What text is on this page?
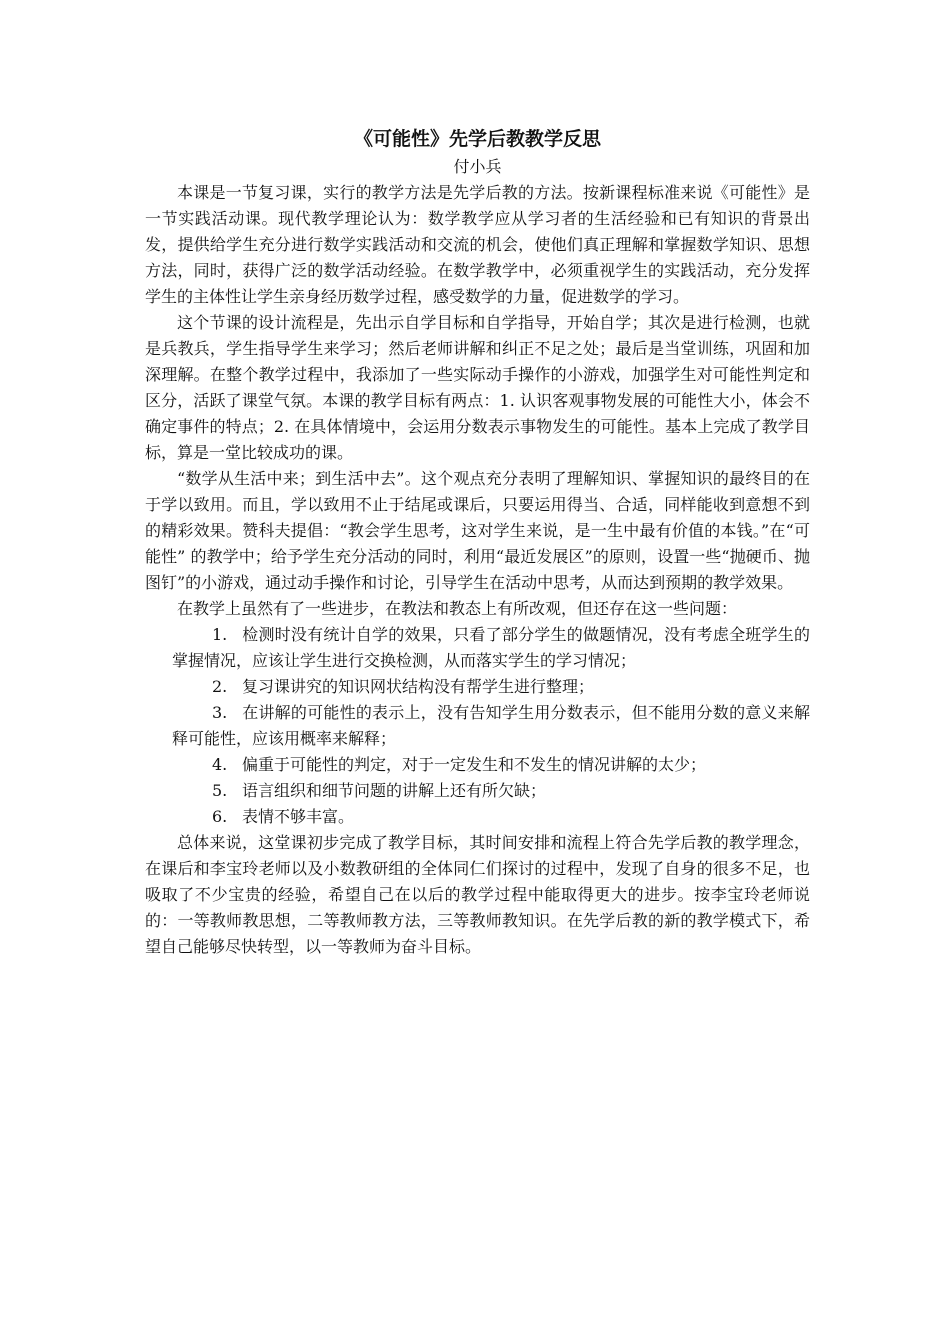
《可能性》先学后教教学反思

付小兵

本课是一节复习课，实行的教学方法是先学后教的方法。按新课程标准来说《可能性》是一节实践活动课。现代教学理论认为：数学教学应从学习者的生活经验和已有知识的背景出发，提供给学生充分进行数学实践活动和交流的机会，使他们真正理解和掌握数学知识、思想方法，同时，获得广泛的数学活动经验。在数学教学中，必须重视学生的实践活动，充分发挥学生的主体性让学生亲身经历数学过程，感受数学的力量，促进数学的学习。

这个节课的设计流程是，先出示自学目标和自学指导，开始自学；其次是进行检测，也就是兵教兵，学生指导学生来学习；然后老师讲解和纠正不足之处；最后是当堂训练，巩固和加深理解。在整个教学过程中，我添加了一些实际动手操作的小游戏，加强学生对可能性判定和区分，活跃了课堂气氛。本课的教学目标有两点：1. 认识客观事物发展的可能性大小，体会不确定事件的特点；2. 在具体情境中，会运用分数表示事物发生的可能性。基本上完成了教学目标，算是一堂比较成功的课。

“数学从生活中来；到生活中去”。这个观点充分表明了理解知识、掌握知识的最终目的在于学以致用。而且，学以致用不止于结尾或课后，只要运用得当、合适，同样能收到意想不到的精彩效果。赞科夫提倡：“教会学生思考，这对学生来说，是一生中最有价值的本钱。”在“可能性” 的教学中；给予学生充分活动的同时，利用“最近发展区”的原则，设置一些“抛硬币、抛图钉”的小游戏，通过动手操作和讨论，引导学生在活动中思考，从而达到预期的教学效果。

在教学上虽然有了一些进步，在教法和教态上有所改观，但还存在这一些问题：

1. 检测时没有统计自学的效果，只看了部分学生的做题情况，没有考虑全班学生的掌握情况，应该让学生进行交换检测，从而落实学生的学习情况；
2. 复习课讲究的知识网状结构没有帮学生进行整理；
3. 在讲解的可能性的表示上，没有告知学生用分数表示，但不能用分数的意义来解释可能性，应该用概率来解释；
4. 偏重于可能性的判定，对于一定发生和不发生的情况讲解的太少；
5. 语言组织和细节问题的讲解上还有所欠缺；
6. 表情不够丰富。

总体来说，这堂课初步完成了教学目标，其时间安排和流程上符合先学后教的教学理念，在课后和李宝玲老师以及小数教研组的全体同仁们探讨的过程中，发现了自身的很多不足，也吸取了不少宝贵的经验，希望自己在以后的教学过程中能取得更大的进步。按李宝玲老师说的：一等教师教思想，二等教师教方法，三等教师教知识。在先学后教的新的教学模式下，希望自己能够尽快转型，以一等教师为奋斗目标。
